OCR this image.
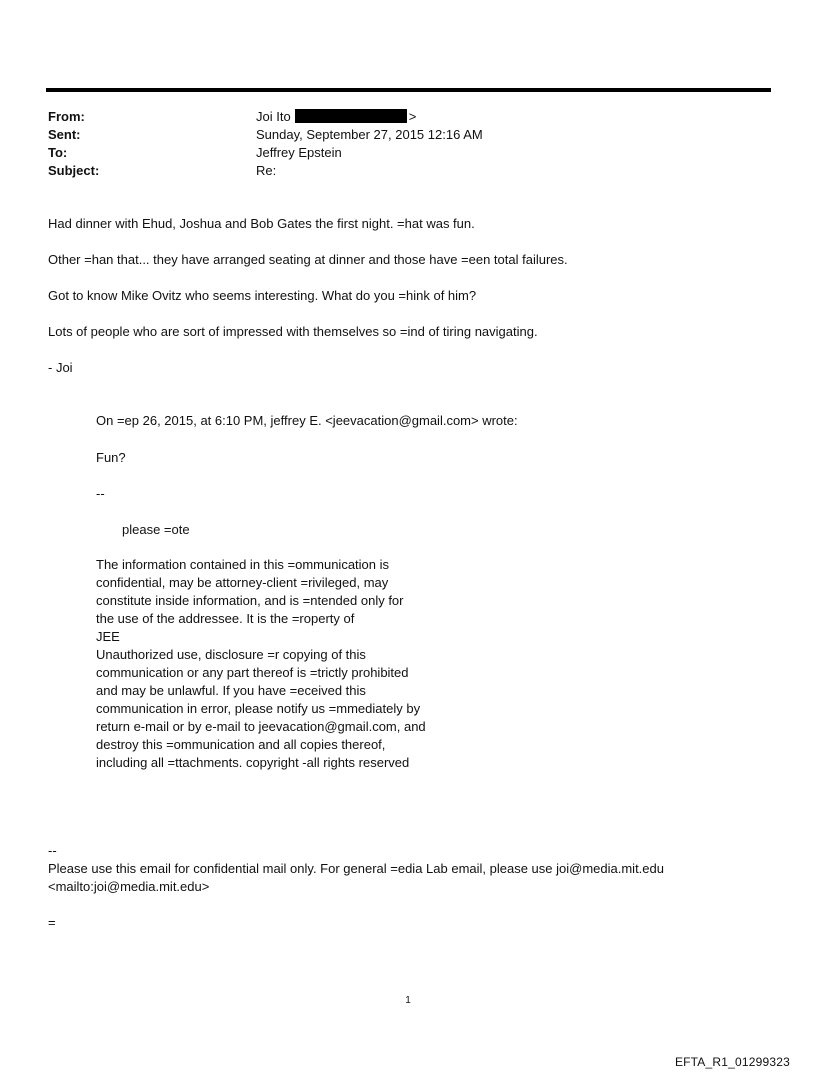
From:	Joi Ito	>
Sent:	Sunday, September 27, 2015 12:16 AM
To:	Jeffrey Epstein
Subject:	Re:
Had dinner with Ehud, Joshua and Bob Gates the first night. =hat was fun.
Other =han that... they have arranged seating at dinner and those have =een total failures.
Got to know Mike Ovitz who seems interesting. What do you =hink of him?
Lots of people who are sort of impressed with themselves so =ind of tiring navigating.
- Joi
On =ep 26, 2015, at 6:10 PM, jeffrey E. <jeevacation@gmail.com> wrote:
Fun?
--
please =ote
The information contained in this =ommunication is
confidential, may be attorney-client =rivileged, may
constitute inside information, and is =ntended only for
the use of the addressee. It is the =roperty of
JEE
Unauthorized use, disclosure =r copying of this
communication or any part thereof is =trictly prohibited
and may be unlawful. If you have =eceived this
communication in error, please notify us =mmediately by
return e-mail or by e-mail to jeevacation@gmail.com, and
destroy this =ommunication and all copies thereof,
including all =ttachments. copyright -all rights reserved
--
Please use this email for confidential mail only. For general =edia Lab email, please use joi@media.mit.edu
<mailto:joi@media.mit.edu>
=
1
EFTA_R1_01299323
